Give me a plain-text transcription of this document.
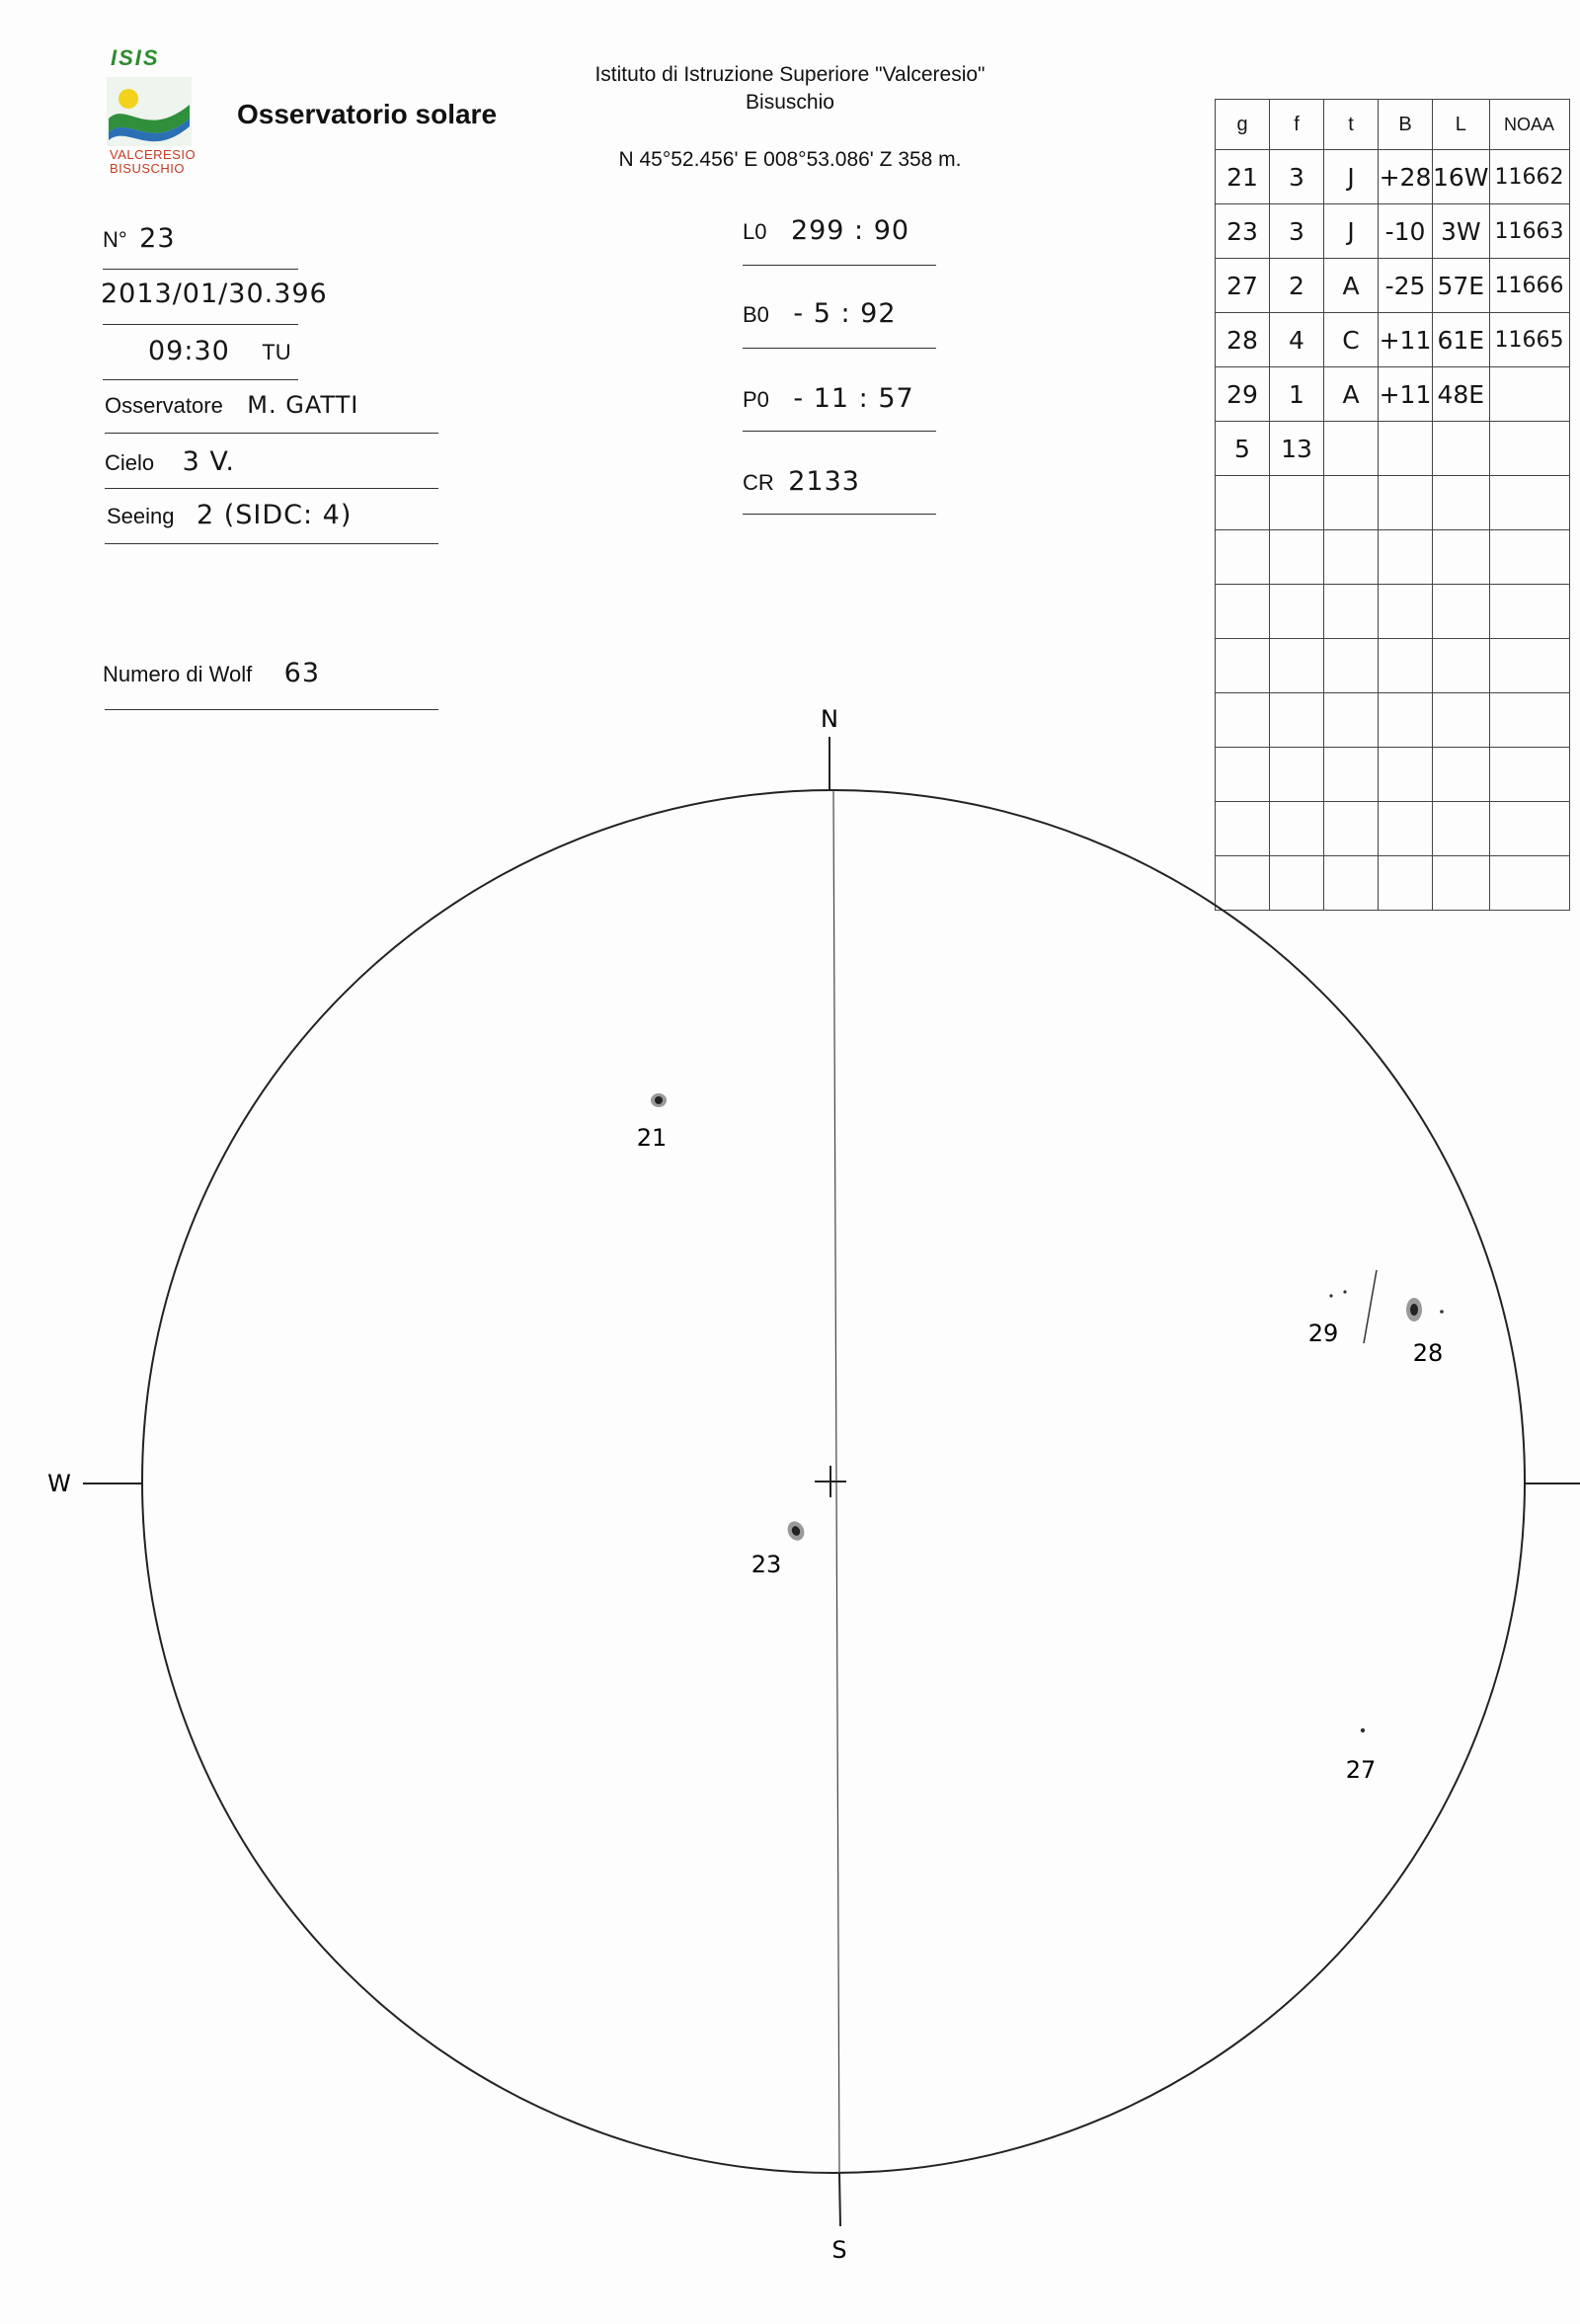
ISIS
VALCERESIO
BISUSCHIO
Osservatorio solare
Istituto di Istruzione Superiore "Valceresio"
Bisuschio
N 45°52.456' E 008°53.086' Z 358 m.
N° 23
2013/01/30.396
09:30 TU
Osservatore M. GATTI
Cielo 3 V.
Seeing 2 (SIDC: 4)
Numero di Wolf 63
L0 299 : 90
B0 - 5 : 92
P0 - 11 : 57
CR 2133
g	f	t	B	L	NOAA
21	3	J	+28	16W	11662
23	3	J	-10	3W	11663
27	2	A	-25	57E	11666
28	4	C	+11	61E	11665
29	1	A	+11	48E	
5	13				

N
S
W
21
23
29
28
27
